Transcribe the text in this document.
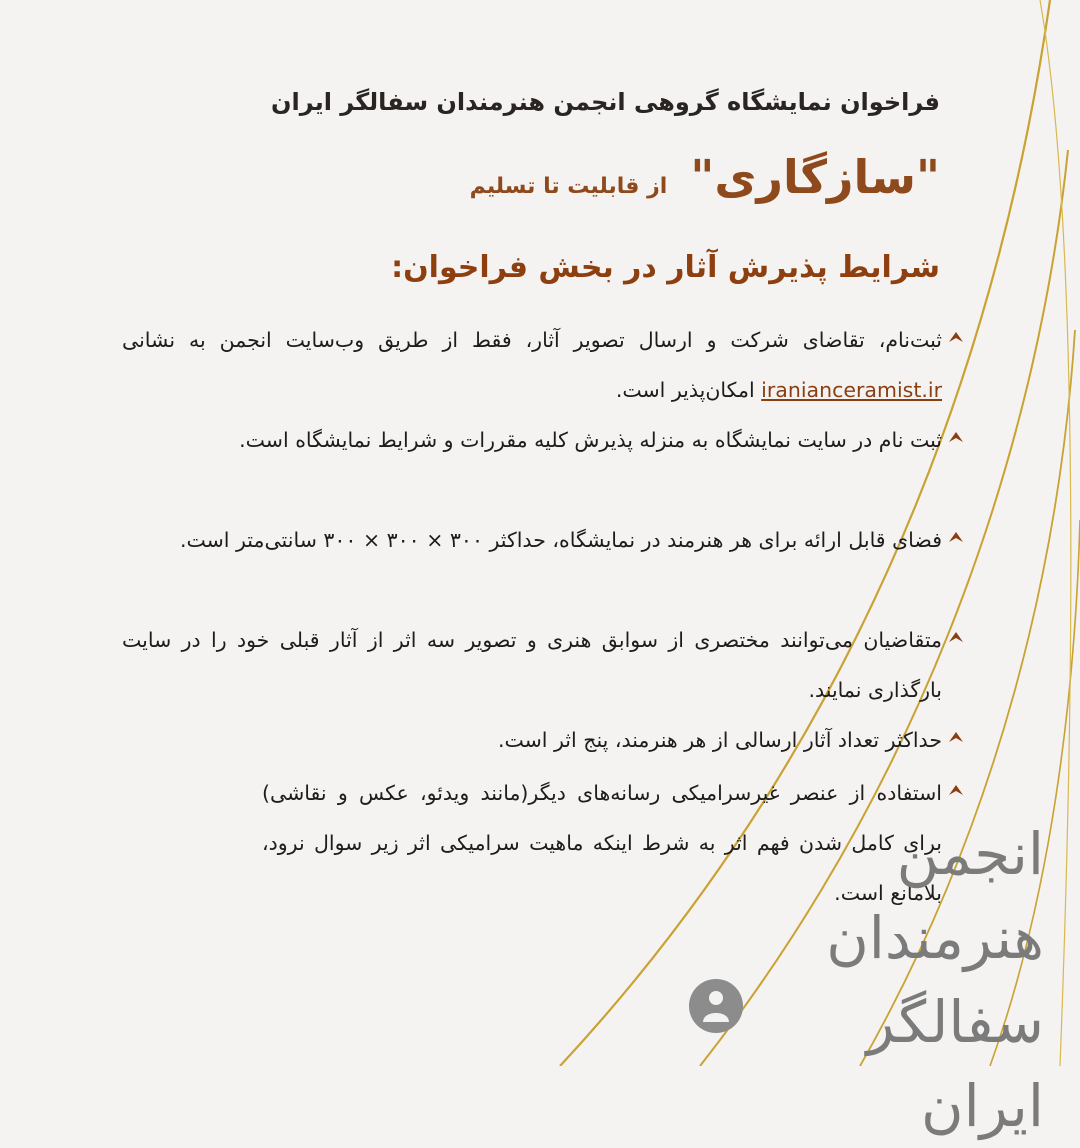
فراخوان نمایشگاه گروهی انجمن هنرمندان سفالگر ایران
"سازگاری" از قابلیت تا تسلیم
شرایط پذیرش آثار در بخش فراخوان:
ثبت‌نام، تقاضای شرکت و ارسال تصویر آثار، فقط از طریق وب‌سایت انجمن به نشانی iranianceramist.ir امکان‌پذیر است.
ثبت نام در سایت نمایشگاه به منزله پذیرش کلیه مقررات و شرایط نمایشگاه است.
فضای قابل ارائه برای هر هنرمند در نمایشگاه، حداکثر ۳۰۰ × ۳۰۰ × ۳۰۰ سانتی‌متر است.
متقاضیان می‌توانند مختصری از سوابق هنری و تصویر سه اثر از آثار قبلی خود را در سایت بارگذاری نمایند.
حداکثر تعداد آثار ارسالی از هر هنرمند، پنج اثر است.
استفاده از عنصر غیرسرامیکی رسانه‌های دیگر(مانند ویدئو، عکس و نقاشی) برای کامل شدن فهم اثر به شرط اینکه ماهیت سرامیکی اثر زیر سوال نرود، بلامانع است.
انجمن
هنرمندان
سفالگر ایران
